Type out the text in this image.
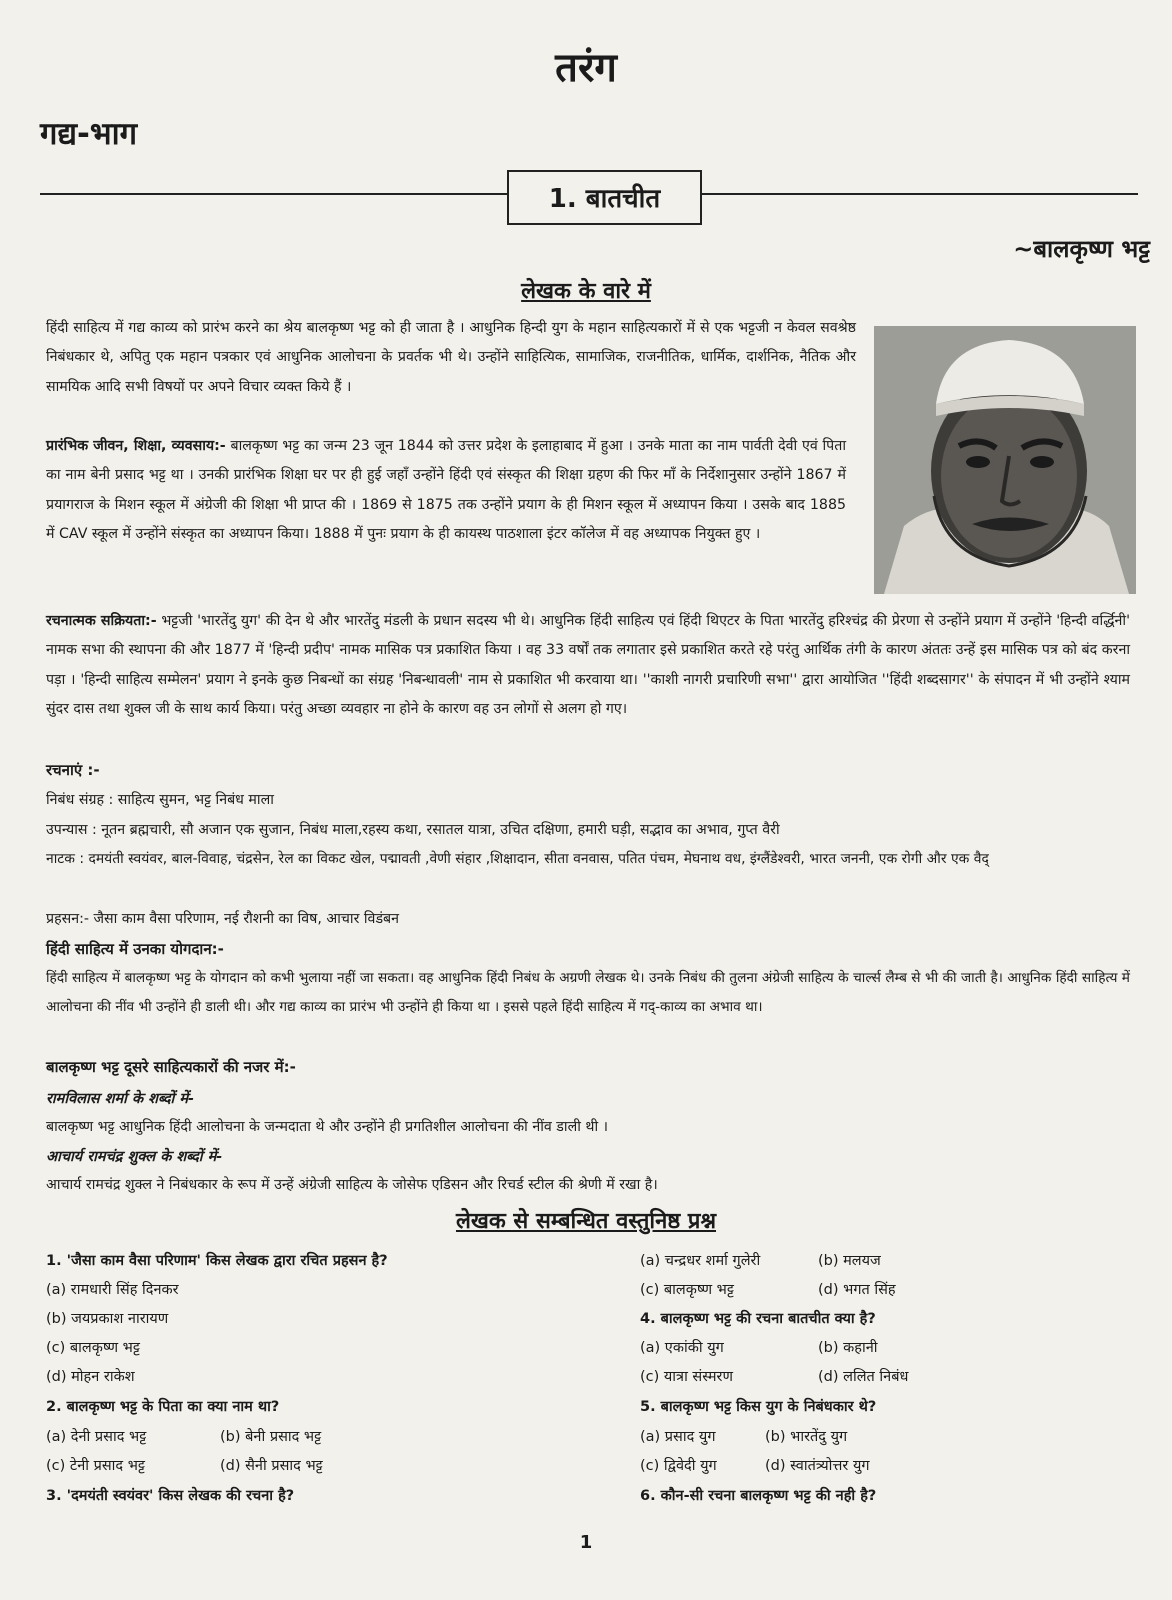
तरंग
गद्य-भाग
1. बातचीत
~बालकृष्ण भट्ट
लेखक के वारे में
हिंदी साहित्य में गद्य काव्य को प्रारंभ करने का श्रेय बालकृष्ण भट्ट को ही जाता है । आधुनिक हिन्दी युग के महान साहित्यकारों में से एक भट्टजी न केवल सवश्रेष्ठ निबंधकार थे, अपितु एक महान पत्रकार एवं आधुनिक आलोचना के प्रवर्तक भी थे। उन्होंने साहित्यिक, सामाजिक, राजनीतिक, धार्मिक, दार्शनिक, नैतिक और सामयिक आदि सभी विषयों पर अपने विचार व्यक्त किये हैं ।
प्रारंभिक जीवन, शिक्षा, व्यवसाय:- बालकृष्ण भट्ट का जन्म 23 जून 1844 को उत्तर प्रदेश के इलाहाबाद में हुआ । उनके माता का नाम पार्वती देवी एवं पिता का नाम बेनी प्रसाद भट्ट था । उनकी प्रारंभिक शिक्षा घर पर ही हुई जहाँ उन्होंने हिंदी एवं संस्कृत की शिक्षा ग्रहण की फिर माँ के निर्देशानुसार उन्होंने 1867 में प्रयागराज के मिशन स्कूल में अंग्रेजी की शिक्षा भी प्राप्त की । 1869 से 1875 तक उन्होंने प्रयाग के ही मिशन स्कूल में अध्यापन किया । उसके बाद 1885 में CAV स्कूल में उन्होंने संस्कृत का अध्यापन किया। 1888 में पुनः प्रयाग के ही कायस्थ पाठशाला इंटर कॉलेज में वह अध्यापक नियुक्त हुए ।
रचनात्मक सक्रियता:- भट्टजी 'भारतेंदु युग' की देन थे और भारतेंदु मंडली के प्रधान सदस्य भी थे। आधुनिक हिंदी साहित्य एवं हिंदी थिएटर के पिता भारतेंदु हरिश्चंद्र की प्रेरणा से उन्होंने प्रयाग में उन्होंने 'हिन्दी वर्द्धिनी' नामक सभा की स्थापना की और 1877 में 'हिन्दी प्रदीप' नामक मासिक पत्र प्रकाशित किया । वह 33 वर्षों तक लगातार इसे प्रकाशित करते रहे परंतु आर्थिक तंगी के कारण अंततः उन्हें इस मासिक पत्र को बंद करना पड़ा । 'हिन्दी साहित्य सम्मेलन' प्रयाग ने इनके कुछ निबन्धों का संग्रह 'निबन्धावली' नाम से प्रकाशित भी करवाया था। ''काशी नागरी प्रचारिणी सभा'' द्वारा आयोजित ''हिंदी शब्दसागर'' के संपादन में भी उन्होंने श्याम सुंदर दास तथा शुक्ल जी के साथ कार्य किया। परंतु अच्छा व्यवहार ना होने के कारण वह उन लोगों से अलग हो गए।
रचनाएं :-
निबंध संग्रह : साहित्य सुमन, भट्ट निबंध माला
उपन्यास : नूतन ब्रह्मचारी, सौ अजान एक सुजान, निबंध माला,रहस्य कथा, रसातल यात्रा, उचित दक्षिणा, हमारी घड़ी, सद्भाव का अभाव, गुप्त वैरी
नाटक : दमयंती स्वयंवर, बाल-विवाह, चंद्रसेन, रेल का विकट खेल, पद्मावती ,वेणी संहार ,शिक्षादान, सीता वनवास, पतित पंचम, मेघनाथ वध, इंग्लैंडेश्वरी, भारत जननी, एक रोगी और एक वैद्
प्रहसन:- जैसा काम वैसा परिणाम, नई रौशनी का विष, आचार विडंबन
हिंदी साहित्य में उनका योगदान:-
हिंदी साहित्य में बालकृष्ण भट्ट के योगदान को कभी भुलाया नहीं जा सकता। वह आधुनिक हिंदी निबंध के अग्रणी लेखक थे। उनके निबंध की तुलना अंग्रेजी साहित्य के चार्ल्स लैम्ब से भी की जाती है। आधुनिक हिंदी साहित्य में आलोचना की नींव भी उन्होंने ही डाली थी। और गद्य काव्य का प्रारंभ भी उन्होंने ही किया था । इससे पहले हिंदी साहित्य में गद्-काव्य का अभाव था।
बालकृष्ण भट्ट दूसरे साहित्यकारों की नजर में:-
रामविलास शर्मा के शब्दों में-
बालकृष्ण भट्ट आधुनिक हिंदी आलोचना के जन्मदाता थे और उन्होंने ही प्रगतिशील आलोचना की नींव डाली थी ।
आचार्य रामचंद्र शुक्ल के शब्दों में-
आचार्य रामचंद्र शुक्ल ने निबंधकार के रूप में उन्हें अंग्रेजी साहित्य के जोसेफ एडिसन और रिचर्ड स्टील की श्रेणी में रखा है।
लेखक से सम्बन्धित वस्तुनिष्ठ प्रश्न
1. 'जैसा काम वैसा परिणाम' किस लेखक द्वारा रचित प्रहसन है?
(a) रामधारी सिंह दिनकर
(b) जयप्रकाश नारायण
(c) बालकृष्ण भट्ट
(d) मोहन राकेश
2. बालकृष्ण भट्ट के पिता का क्या नाम था?
(a) देनी प्रसाद भट्ट	(b) बेनी प्रसाद भट्ट
(c) टेनी प्रसाद भट्ट	(d) सैनी प्रसाद भट्ट
3. 'दमयंती स्वयंवर' किस लेखक की रचना है?
(a) चन्द्रधर शर्मा गुलेरी	(b) मलयज
(c) बालकृष्ण भट्ट	(d) भगत सिंह
4. बालकृष्ण भट्ट की रचना बातचीत क्या है?
(a) एकांकी युग	(b) कहानी
(c) यात्रा संस्मरण	(d) ललित निबंध
5. बालकृष्ण भट्ट किस युग के निबंधकार थे?
(a) प्रसाद युग	(b) भारतेंदु युग
(c) द्विवेदी युग	(d) स्वातंत्र्योत्तर युग
6. कौन-सी रचना बालकृष्ण भट्ट की नही है?
1
